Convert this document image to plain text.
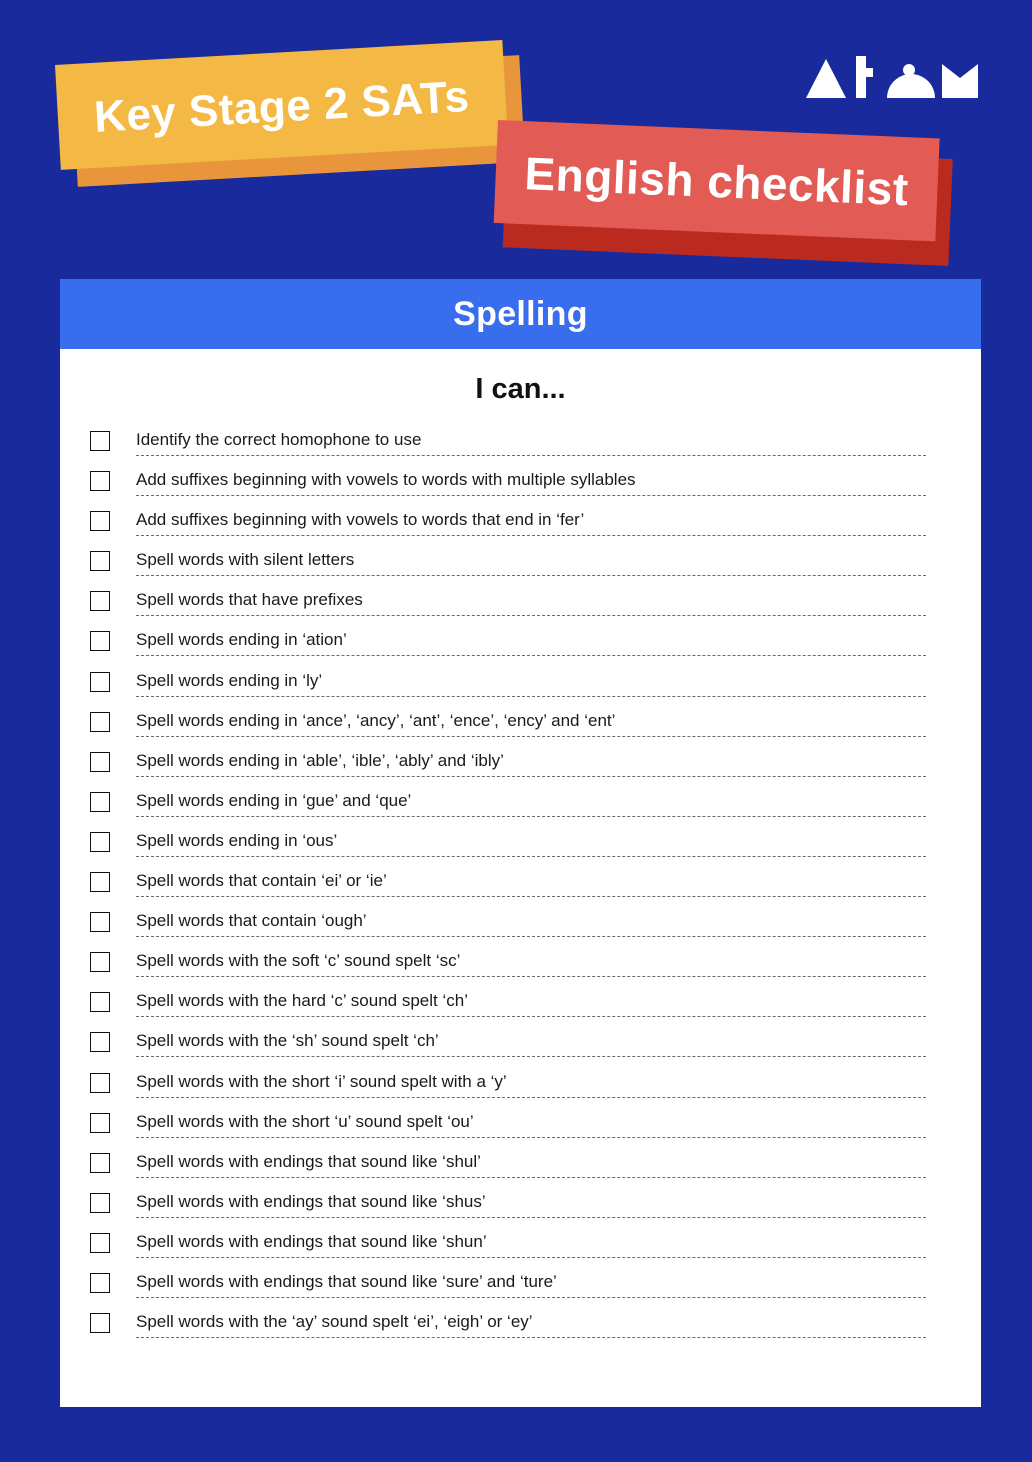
Key Stage 2 SATs
English checklist
Spelling
I can...
Identify the correct homophone to use
Add suffixes beginning with vowels to words with multiple syllables
Add suffixes beginning with vowels to words that end in ‘fer’
Spell words with silent letters
Spell words that have prefixes
Spell words ending in ‘ation’
Spell words ending in ‘ly’
Spell words ending in ‘ance’, ‘ancy’, ‘ant’, ‘ence’, ‘ency’ and ‘ent’
Spell words ending in ‘able’, ‘ible’, ‘ably’ and ‘ibly’
Spell words ending in ‘gue’ and ‘que’
Spell words ending in ‘ous’
Spell words that contain ‘ei’ or ‘ie’
Spell words that contain ‘ough’
Spell words with the soft ‘c’ sound spelt ‘sc’
Spell words with the hard ‘c’ sound spelt ‘ch’
Spell words with the ‘sh’ sound spelt ‘ch’
Spell words with the short ‘i’ sound spelt with a ‘y’
Spell words with the short ‘u’ sound spelt ‘ou’
Spell words with endings that sound like ‘shul’
Spell words with endings that sound like ‘shus’
Spell words with endings that sound like ‘shun’
Spell words with endings that sound like ‘sure’ and ‘ture’
Spell words with the ‘ay’ sound spelt ‘ei’, ‘eigh’ or ‘ey’
